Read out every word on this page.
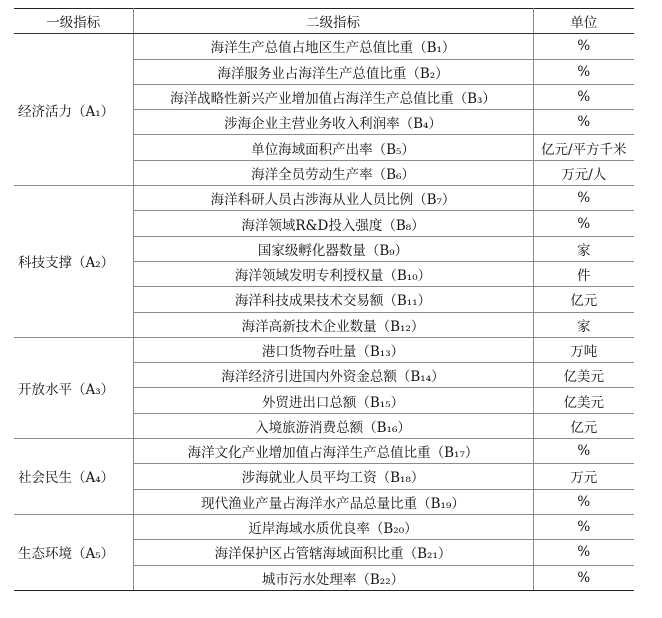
一级指标	二级指标	单位
经济活力（A₁）	海洋生产总值占地区生产总值比重（B₁）	%
	海洋服务业占海洋生产总值比重（B₂）	%
	海洋战略性新兴产业增加值占海洋生产总值比重（B₃）	%
	涉海企业主营业务收入利润率（B₄）	%
	单位海域面积产出率（B₅）	亿元/平方千米
	海洋全员劳动生产率（B₆）	万元/人
科技支撑（A₂）	海洋科研人员占涉海从业人员比例（B₇）	%
	海洋领域R&D投入强度（B₈）	%
	国家级孵化器数量（B₉）	家
	海洋领域发明专利授权量（B₁₀）	件
	海洋科技成果技术交易额（B₁₁）	亿元
	海洋高新技术企业数量（B₁₂）	家
开放水平（A₃）	港口货物吞吐量（B₁₃）	万吨
	海洋经济引进国内外资金总额（B₁₄）	亿美元
	外贸进出口总额（B₁₅）	亿美元
	入境旅游消费总额（B₁₆）	亿元
社会民生（A₄）	海洋文化产业增加值占海洋生产总值比重（B₁₇）	%
	涉海就业人员平均工资（B₁₈）	万元
	现代渔业产量占海洋水产品总量比重（B₁₉）	%
生态环境（A₅）	近岸海域水质优良率（B₂₀）	%
	海洋保护区占管辖海域面积比重（B₂₁）	%
	城市污水处理率（B₂₂）	%
